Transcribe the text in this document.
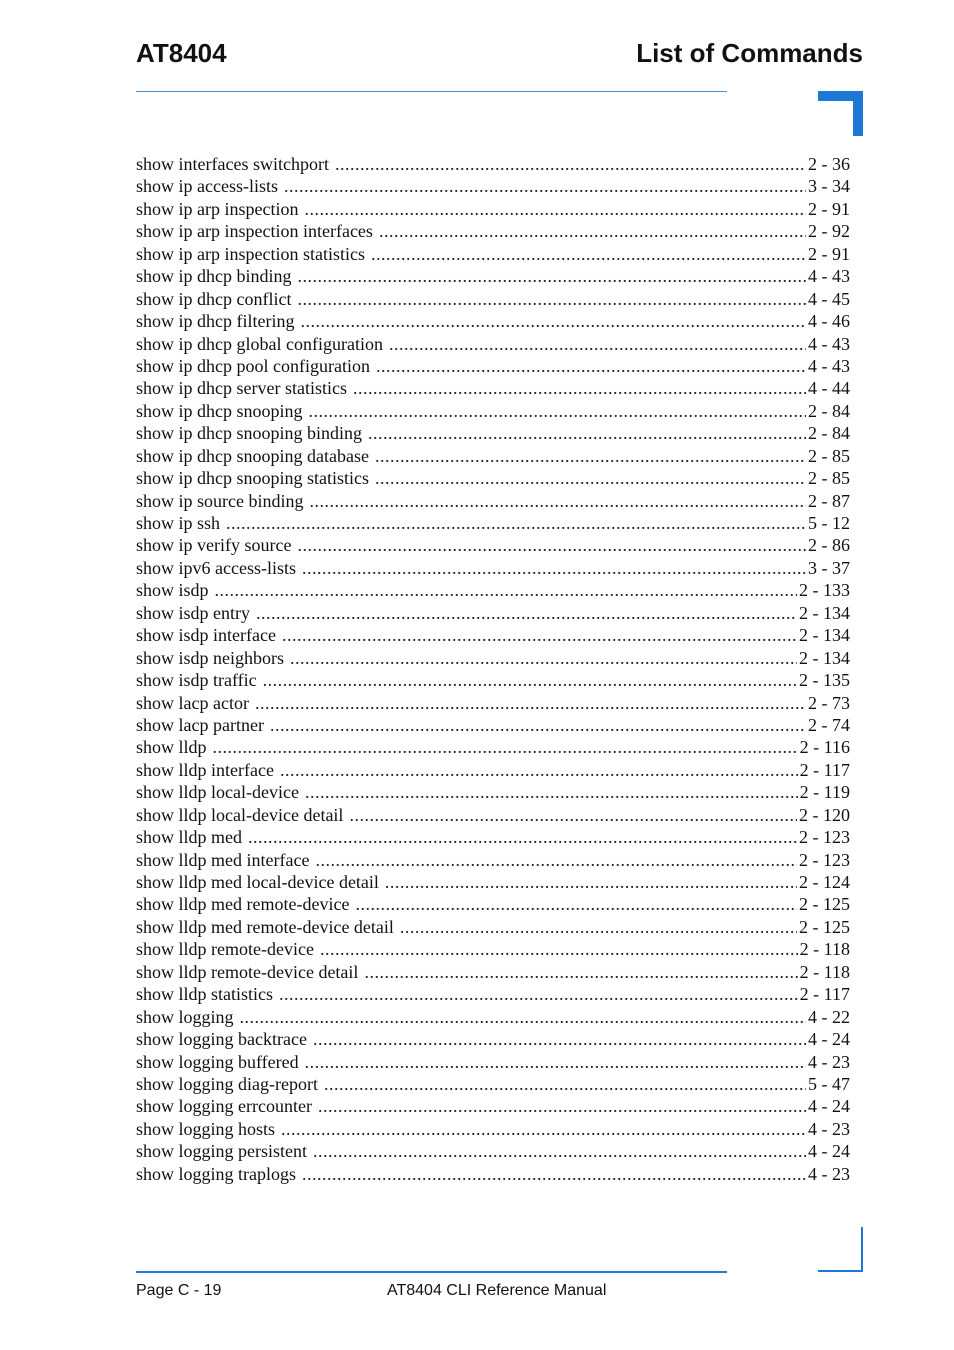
AT8404	List of Commands
show interfaces switchport .....	2 - 36
show ip access-lists .....	3 - 34
show ip arp inspection .....	2 - 91
show ip arp inspection interfaces .....	2 - 92
show ip arp inspection statistics .....	2 - 91
show ip dhcp binding .....	4 - 43
show ip dhcp conflict .....	4 - 45
show ip dhcp filtering .....	4 - 46
show ip dhcp global configuration .....	4 - 43
show ip dhcp pool configuration .....	4 - 43
show ip dhcp server statistics .....	4 - 44
show ip dhcp snooping .....	2 - 84
show ip dhcp snooping binding .....	2 - 84
show ip dhcp snooping database .....	2 - 85
show ip dhcp snooping statistics .....	2 - 85
show ip source binding .....	2 - 87
show ip ssh .....	5 - 12
show ip verify source .....	2 - 86
show ipv6 access-lists .....	3 - 37
show isdp .....	2 - 133
show isdp entry .....	2 - 134
show isdp interface .....	2 - 134
show isdp neighbors .....	2 - 134
show isdp traffic .....	2 - 135
show lacp actor .....	2 - 73
show lacp partner .....	2 - 74
show lldp .....	2 - 116
show lldp interface .....	2 - 117
show lldp local-device .....	2 - 119
show lldp local-device detail .....	2 - 120
show lldp med .....	2 - 123
show lldp med interface .....	2 - 123
show lldp med local-device detail .....	2 - 124
show lldp med remote-device .....	2 - 125
show lldp med remote-device detail .....	2 - 125
show lldp remote-device .....	2 - 118
show lldp remote-device detail .....	2 - 118
show lldp statistics .....	2 - 117
show logging .....	4 - 22
show logging backtrace .....	4 - 24
show logging buffered .....	4 - 23
show logging diag-report .....	5 - 47
show logging errcounter .....	4 - 24
show logging hosts .....	4 - 23
show logging persistent .....	4 - 24
show logging traplogs .....	4 - 23
Page C - 19	AT8404 CLI Reference Manual
